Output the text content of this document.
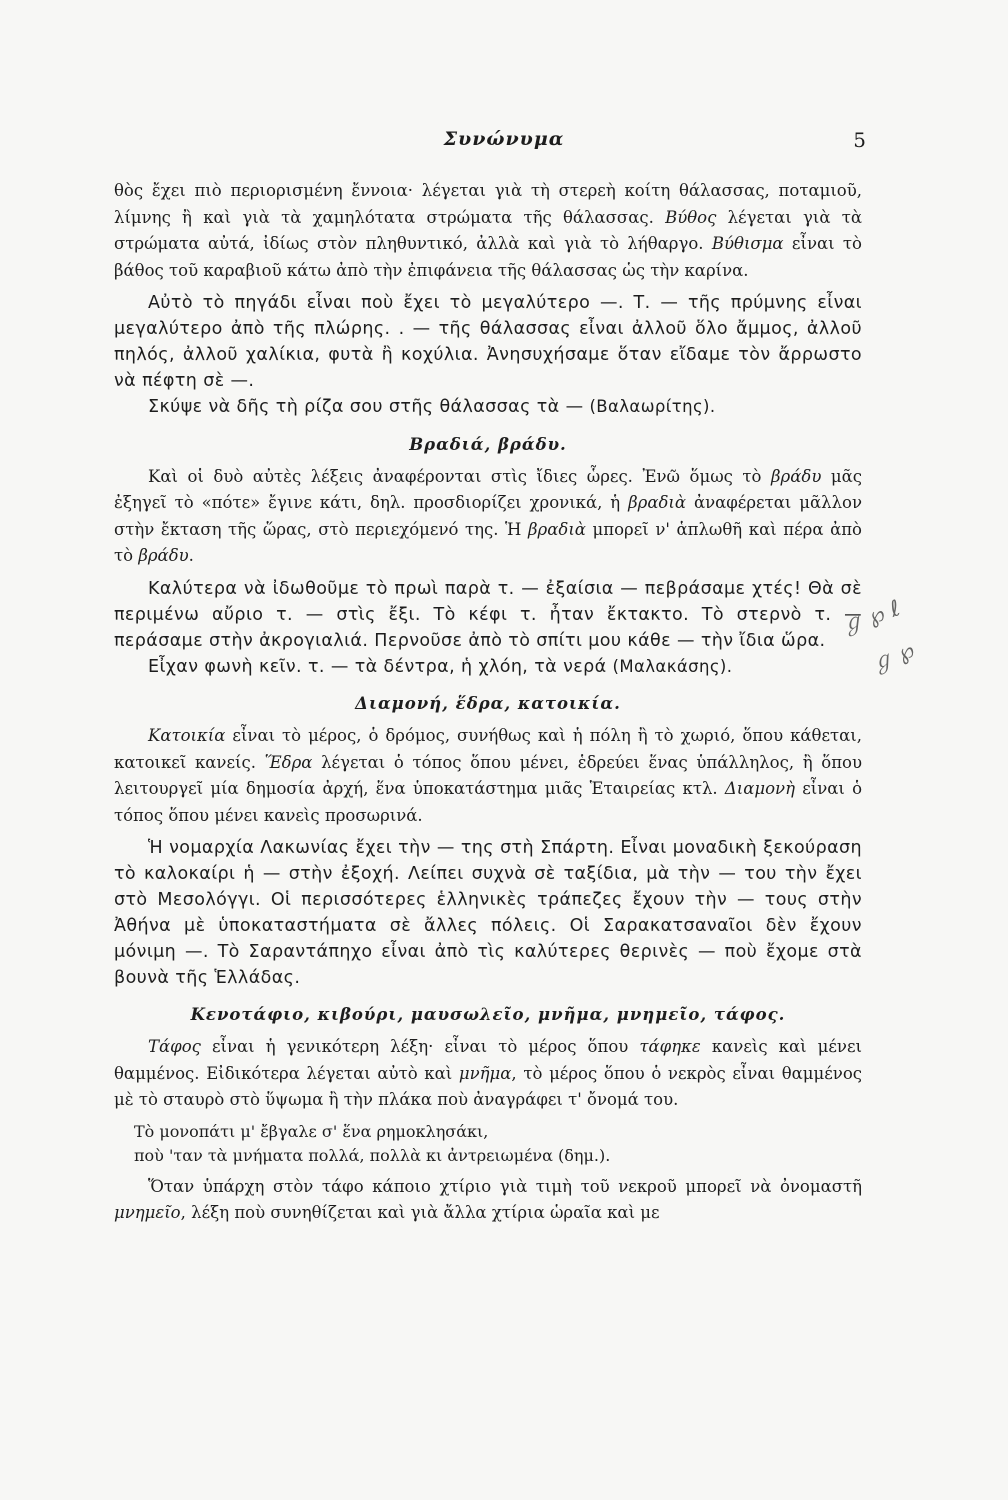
Συνώνυμα	5

θὸς ἔχει πιὸ περιορισμένη ἔννοια· λέγεται γιὰ τὴ στερεὴ κοίτη θάλασσας, ποταμιοῦ, λίμνης ἢ καὶ γιὰ τὰ χαμηλότατα στρώματα τῆς θάλασσας. Βύθος λέγεται γιὰ τὰ στρώματα αὐτά, ἰδίως στὸν πληθυντικό, ἀλλὰ καὶ γιὰ τὸ λήθαργο. Βύθισμα εἶναι τὸ βάθος τοῦ καραβιοῦ κάτω ἀπὸ τὴν ἐπιφάνεια τῆς θάλασσας ὡς τὴν καρίνα.

Αὐτὸ τὸ πηγάδι εἶναι ποὺ ἔχει τὸ μεγαλύτερο —. Τ. — τῆς πρύμνης εἶναι μεγαλύτερο ἀπὸ τῆς πλώρης. . — τῆς θάλασσας εἶναι ἀλλοῦ ὅλο ἄμμος, ἀλλοῦ πηλός, ἀλλοῦ χαλίκια, φυτὰ ἢ κοχύλια. Ἀνησυχήσαμε ὅταν εἴδαμε τὸν ἄρρωστο νὰ πέφτη σὲ —.

Σκύψε νὰ δῆς τὴ ρίζα σου στῆς θάλασσας τὰ — (Βαλαωρίτης).

Βραδιά, βράδυ.

Καὶ οἱ δυὸ αὐτὲς λέξεις ἀναφέρονται στὶς ἴδιες ὧρες. Ἐνῶ ὅμως τὸ βράδυ μᾶς ἐξηγεῖ τὸ «πότε» ἔγινε κάτι, δηλ. προσδιορίζει χρονικά, ἡ βραδιὰ ἀναφέρεται μᾶλλον στὴν ἔκταση τῆς ὥρας, στὸ περιεχόμενό της. Ἡ βραδιὰ μπορεῖ ν' ἁπλωθῆ καὶ πέρα ἀπὸ τὸ βράδυ.

Καλύτερα νὰ ἰδωθοῦμε τὸ πρωὶ παρὰ τ. — ἐξαίσια — πεβράσαμε χτές! Θὰ σὲ περιμένω αὔριο τ. — στὶς ἔξι. Τὸ κέφι τ. ἦταν ἔκτακτο. Τὸ στερνὸ τ. — περάσαμε στὴν ἀκρογιαλιά. Περνοῦσε ἀπὸ τὸ σπίτι μου κάθε — τὴν ἴδια ὥρα.

Εἶχαν φωνὴ κεῖν. τ. — τὰ δέντρα, ἡ χλόη, τὰ νερά (Μαλακάσης).

Διαμονή, ἕδρα, κατοικία.

Κατοικία εἶναι τὸ μέρος, ὁ δρόμος, συνήθως καὶ ἡ πόλη ἢ τὸ χωριό, ὅπου κάθεται, κατοικεῖ κανείς. Ἕδρα λέγεται ὁ τόπος ὅπου μένει, ἑδρεύει ἕνας ὑπάλληλος, ἢ ὅπου λειτουργεῖ μία δημοσία ἀρχή, ἕνα ὑποκατάστημα μιᾶς Ἑταιρείας κτλ. Διαμονὴ εἶναι ὁ τόπος ὅπου μένει κανεὶς προσωρινά.

Ἡ νομαρχία Λακωνίας ἔχει τὴν — της στὴ Σπάρτη. Εἶναι μοναδικὴ ξεκούραση τὸ καλοκαίρι ἡ — στὴν ἐξοχή. Λείπει συχνὰ σὲ ταξίδια, μὰ τὴν — του τὴν ἔχει στὸ Μεσολόγγι. Οἱ περισσότερες ἑλληνικὲς τράπεζες ἔχουν τὴν — τους στὴν Ἀθήνα μὲ ὑποκαταστήματα σὲ ἄλλες πόλεις. Οἱ Σαρακατσαναῖοι δὲν ἔχουν μόνιμη —. Τὸ Σαραντάπηχο εἶναι ἀπὸ τὶς καλύτερες θερινὲς — ποὺ ἔχομε στὰ βουνὰ τῆς Ἑλλάδας.

Κενοτάφιο, κιβούρι, μαυσωλεῖο, μνῆμα, μνημεῖο, τάφος.

Τάφος εἶναι ἡ γενικότερη λέξη· εἶναι τὸ μέρος ὅπου τάφηκε κανεὶς καὶ μένει θαμμένος. Εἰδικότερα λέγεται αὐτὸ καὶ μνῆμα, τὸ μέρος ὅπου ὁ νεκρὸς εἶναι θαμμένος μὲ τὸ σταυρὸ στὸ ὕψωμα ἢ τὴν πλάκα ποὺ ἀναγράφει τ' ὄνομά του.

Τὸ μονοπάτι μ' ἔβγαλε σ' ἕνα ρημοκλησάκι,
ποὺ 'ταν τὰ μνήματα πολλά, πολλὰ κι ἀντρειωμένα (δημ.).

Ὅταν ὑπάρχη στὸν τάφο κάποιο χτίριο γιὰ τιμὴ τοῦ νεκροῦ μπορεῖ νὰ ὀνομαστῆ μνημεῖο, λέξη ποὺ συνηθίζεται καὶ γιὰ ἄλλα χτίρια ὡραῖα καὶ με

ℊ ℘ ℓ
ℊ ℘
